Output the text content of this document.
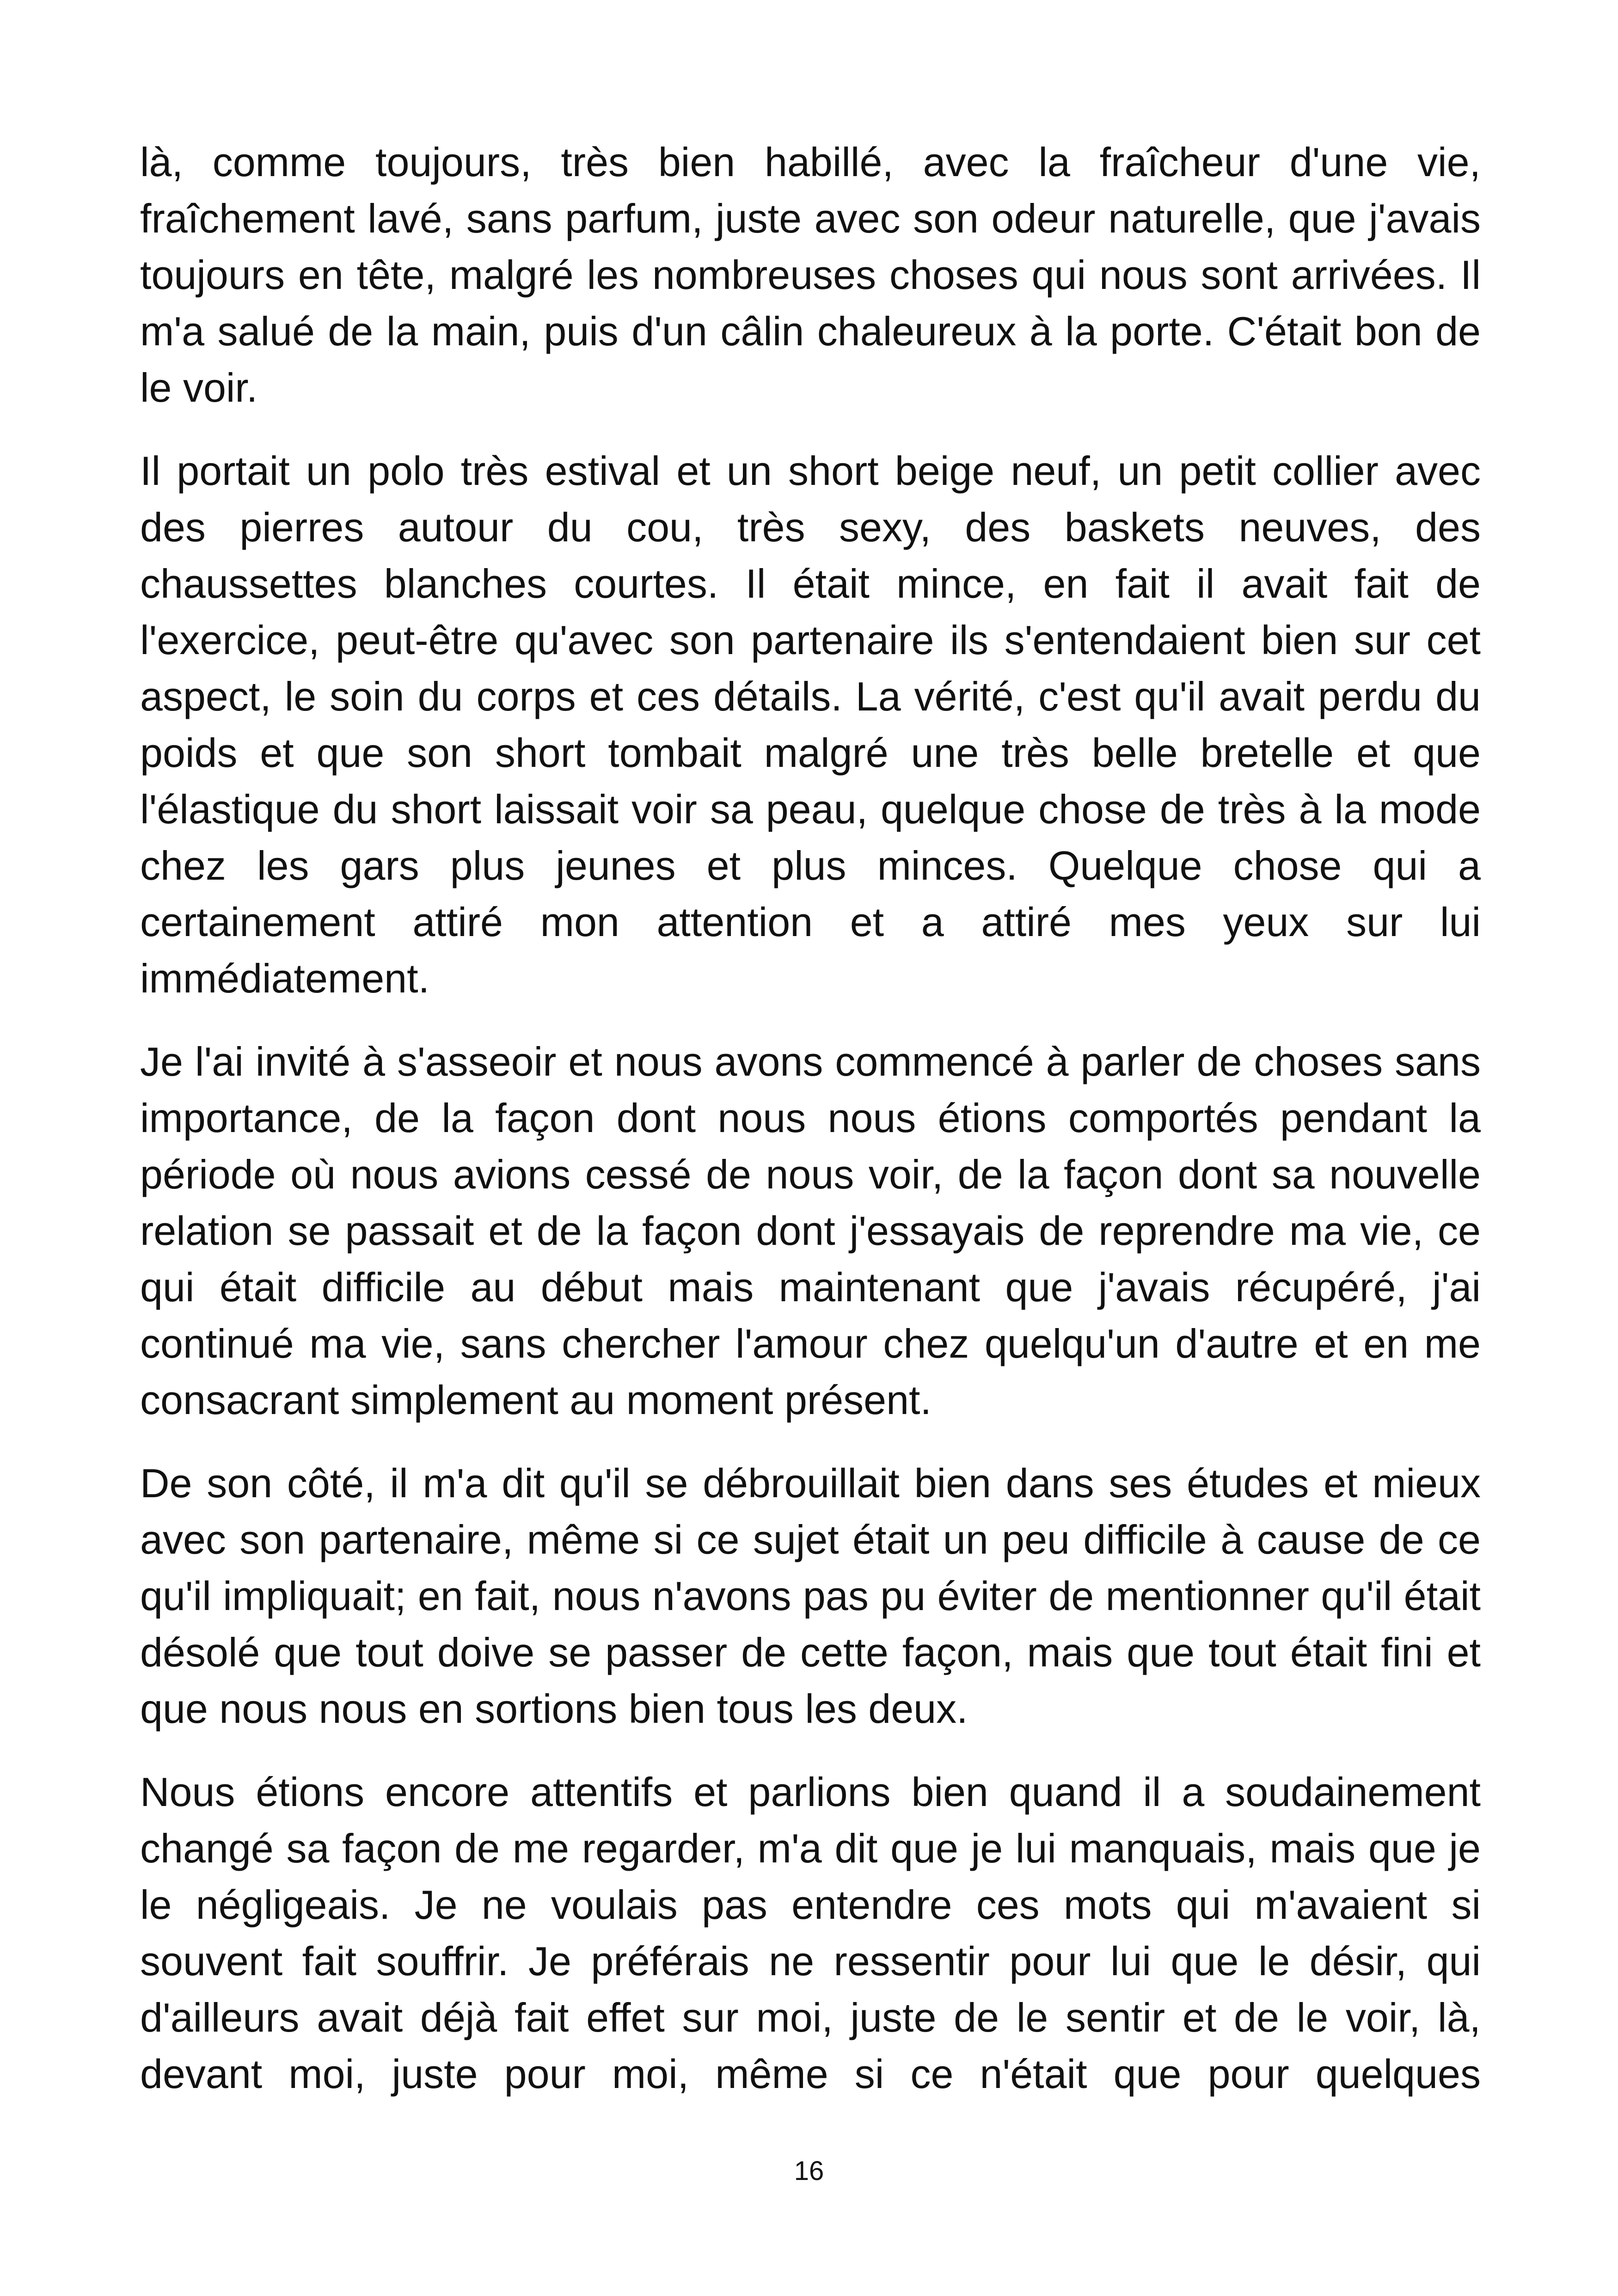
là, comme toujours, très bien habillé, avec la fraîcheur d'une vie, fraîchement lavé, sans parfum, juste avec son odeur naturelle, que j'avais toujours en tête, malgré les nombreuses choses qui nous sont arrivées. Il m'a salué de la main, puis d'un câlin chaleureux à la porte. C'était bon de le voir.

Il portait un polo très estival et un short beige neuf, un petit collier avec des pierres autour du cou, très sexy, des baskets neuves, des chaussettes blanches courtes. Il était mince, en fait il avait fait de l'exercice, peut-être qu'avec son partenaire ils s'entendaient bien sur cet aspect, le soin du corps et ces détails. La vérité, c'est qu'il avait perdu du poids et que son short tombait malgré une très belle bretelle et que l'élastique du short laissait voir sa peau, quelque chose de très à la mode chez les gars plus jeunes et plus minces. Quelque chose qui a certainement attiré mon attention et a attiré mes yeux sur lui immédiatement.

Je l'ai invité à s'asseoir et nous avons commencé à parler de choses sans importance, de la façon dont nous nous étions comportés pendant la période où nous avions cessé de nous voir, de la façon dont sa nouvelle relation se passait et de la façon dont j'essayais de reprendre ma vie, ce qui était difficile au début mais maintenant que j'avais récupéré, j'ai continué ma vie, sans chercher l'amour chez quelqu'un d'autre et en me consacrant simplement au moment présent.

De son côté, il m'a dit qu'il se débrouillait bien dans ses études et mieux avec son partenaire, même si ce sujet était un peu difficile à cause de ce qu'il impliquait; en fait, nous n'avons pas pu éviter de mentionner qu'il était désolé que tout doive se passer de cette façon, mais que tout était fini et que nous nous en sortions bien tous les deux.

Nous étions encore attentifs et parlions bien quand il a soudainement changé sa façon de me regarder, m'a dit que je lui manquais, mais que je le négligeais. Je ne voulais pas entendre ces mots qui m'avaient si souvent fait souffrir. Je préférais ne ressentir pour lui que le désir, qui d'ailleurs avait déjà fait effet sur moi, juste de le sentir et de le voir, là, devant moi, juste pour moi, même si ce n'était que pour quelques

16
